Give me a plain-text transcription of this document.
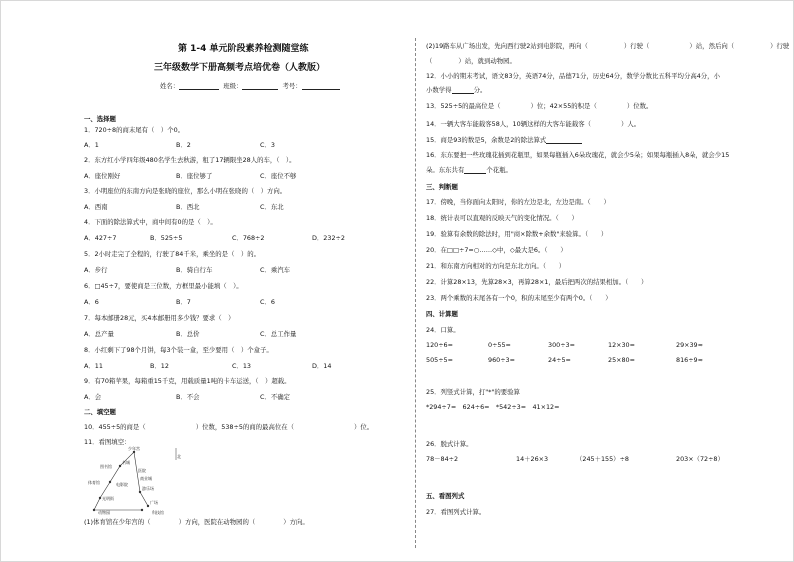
第 1-4 单元阶段素养检测随堂练
三年级数学下册高频考点培优卷（人教版）
姓名：	班级：	考号：
一、选择题
1．720÷8的商末尾有（　）个0。
A．1	B．2	C．3
2．东方红小学四年级480名学生去秋游，租了17辆限坐28人的车，（　）。
A．座位刚好	B．座位够了	C．座位不够
3．小明座位的东南方向是张晓的座位，那么小明在张晓的（　）方向。
A．西南	B．西北	C．东北
4．下面的除法算式中，商中间有0的是（　）。
A．427÷7	B．525÷5	C．768÷2	D．232÷2
5．2小时走完了全程的，行驶了84千米，乘坐的是（　）的。
A．步行	B．骑自行车	C．乘汽车
6．□45÷7，要使商是三位数，方框里最小能填（　）。
A．6	B．7	C．6
7．每本邮册28元，买4本邮册用多少钱？要求（　）
A．总产量	B．总价	C．总工作量
8．小红剩下了98个月饼，每3个装一盒，至少要用（　）个盒子。
A．11	B．12	C．13	D．14
9．有70箱苹果，每箱重15千克，用载质量1吨的卡车运送，（　）超载。
A．会	B．不会	C．不确定
二、填空题
10．455÷5的商是（	）位数，538÷5的商的最高位在（	）位。
11．看图填空：
少年宫
图书馆
书城
医院
体育馆	电影院
商业城
光明街
游乐场
动物园
广场
科技馆
北
(1)体育馆在少年宫的（	）方向，医院在动物园的（	）方向。
(2)19路车从广场出发，先向西行驶2站到电影院，再向（	）行驶（	）站，然后向（	）行驶
（	）站，就到动物园。
12．小小的期末考试，语文83分，英语74分，品德71分，历史64分，数学分数比五科平均分高4分，小
小数学得	分。
13．525÷5的最高位是（	）位；42×55的积是（	）位数。
14．一辆大客车能载客58人，10辆这样的大客车能载客（	）人。
15．商是93的数是5，余数是2的除法算式
16．东东要把一些玫瑰花插到花瓶里，如果每瓶插入6朵玫瑰花，就会少5朵；如果每瓶插入8朵，就会少15
朵。东东共有	个花瓶。
三、判断题
17．傍晚，当你面向太阳时，你的左边是北，左边是南。（　　）
18．统计表可以直观的反映天气的变化情况。（　　）
19．验算有余数的除法时，用"商×除数+余数"来验算。（　　）
20．在□□÷7=○……◇中，◇最大是6。（　　）
21．和东南方向相对的方向是东北方向。（　　）
22．计算28×13，先算28×3，再算28×1，最后把两次的结果相加。（　　）
23．两个乘数的末尾各有一个0，积的末尾至少有两个0。（　　）
四、计算题
24．口算。
120÷6=	0÷55=	300÷3=	12×30=	29×39≈
505÷5=	960÷3=	24÷5=	25×80=	816÷9≈
25．列竖式计算，打"*"的要验算
*294÷7=　624÷6=　*542÷3=　41×12=
26．脱式计算。
78－84÷2	14＋26×3	（245＋155）÷8	203×（72÷8）
五、看图列式
27．看图列式计算。
